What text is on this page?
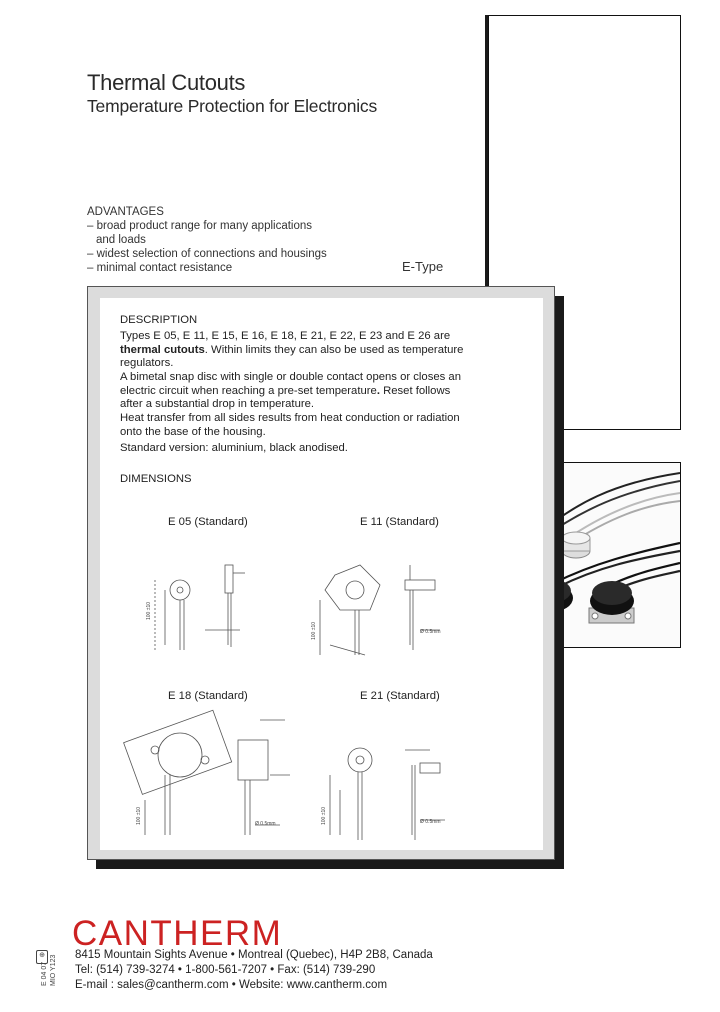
Thermal Cutouts
Temperature Protection for Electronics
ADVANTAGES
– broad product range for many applications
and loads
– widest selection of connections and housings
– minimal contact resistance	E-Type
DESCRIPTION
Types E 05, E 11, E 15, E 16, E 18, E 21, E 22, E 23 and E 26 are thermal cutouts. Within limits they can also be used as temperature regulators.
A bimetal snap disc with single or double contact opens or closes an electric circuit when reaching a pre-set temperature. Reset follows after a substantial drop in temperature.
Heat transfer from all sides results from heat conduction or radiation onto the base of the housing.
Standard version: aluminium, black anodised.
DIMENSIONS
E 05 (Standard)	E 11 (Standard)
E 18 (Standard)	E 21 (Standard)
100 ±10
100 ±10
100 ±10	100 ±10
Ø 0.5mm
Ø 0.5mm	Ø 0.5mm
E 04 07 MIO Y123
⊕
CANTHERM
8415 Mountain Sights Avenue • Montreal (Quebec), H4P 2B8, Canada
Tel: (514) 739-3274 • 1-800-561-7207 • Fax: (514) 739-290
E-mail : sales@cantherm.com • Website: www.cantherm.com
